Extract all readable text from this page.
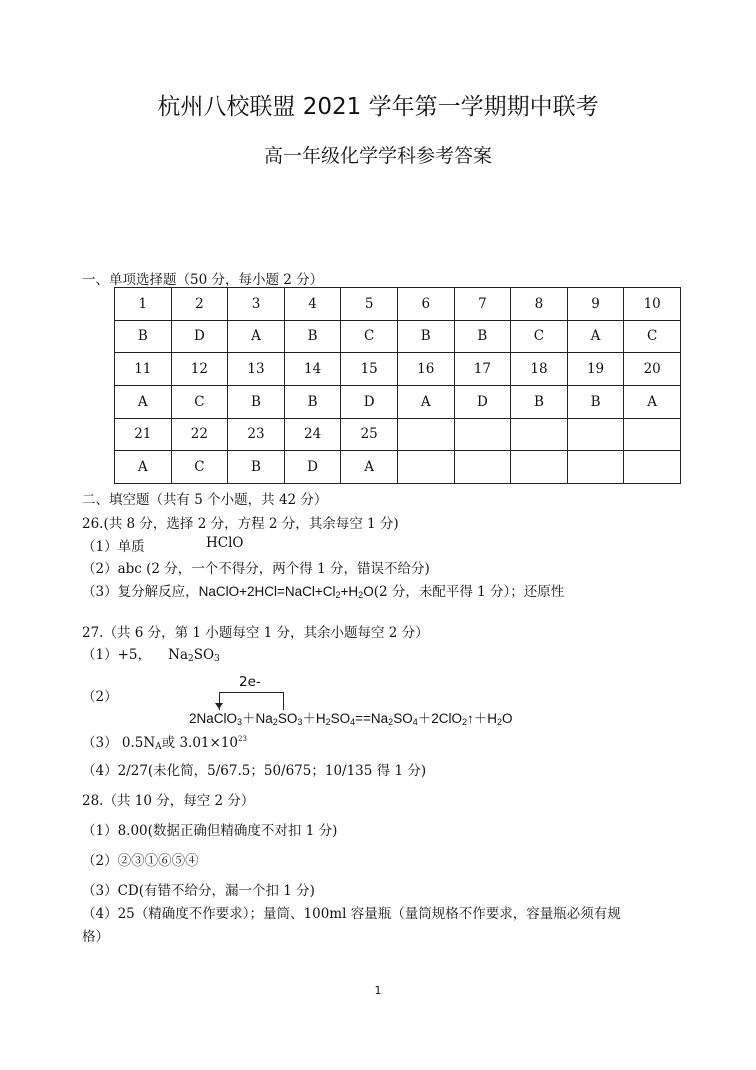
杭州八校联盟 2021 学年第一学期期中联考
高一年级化学学科参考答案
一、单项选择题（50 分，每小题 2 分）
1	2	3	4	5	6	7	8	9	10
B	D	A	B	C	B	B	C	A	C
11	12	13	14	15	16	17	18	19	20
A	C	B	B	D	A	D	B	B	A
21	22	23	24	25					
A	C	B	D	A					
二、填空题（共有 5 个小题，共 42 分）
26.(共 8 分，选择 2 分，方程 2 分，其余每空 1 分)
（1）单质	HClO
（2）abc (2 分，一个不得分，两个得 1 分，错误不给分)
（3）复分解反应，$NaClO+2HCl=NaCl+Cl_2+H_2O(2$ 分，未配平得 1 分）；还原性
27.（共 6 分，第 1 小题每空 1 分，其余小题每空 2 分）
（1）+5， $Na_2SO_3$
（2）
2e-
$2NaClO_3+Na_2SO_3+H_2SO_4==Na_2SO_4+2ClO_2↑+H_2O$
（3） $0.5N_A$或 $3.01\times 10^{23}$
（4）2/27(未化简，5/67.5；50/675；10/135 得 1 分)
28.（共 10 分，每空 2 分）
（1）8.00(数据正确但精确度不对扣 1 分)
（2）②③①⑥⑤④
（3）CD(有错不给分，漏一个扣 1 分)
（4）25（精确度不作要求）；量筒、100ml 容量瓶（量筒规格不作要求，容量瓶必须有规
格）
1
